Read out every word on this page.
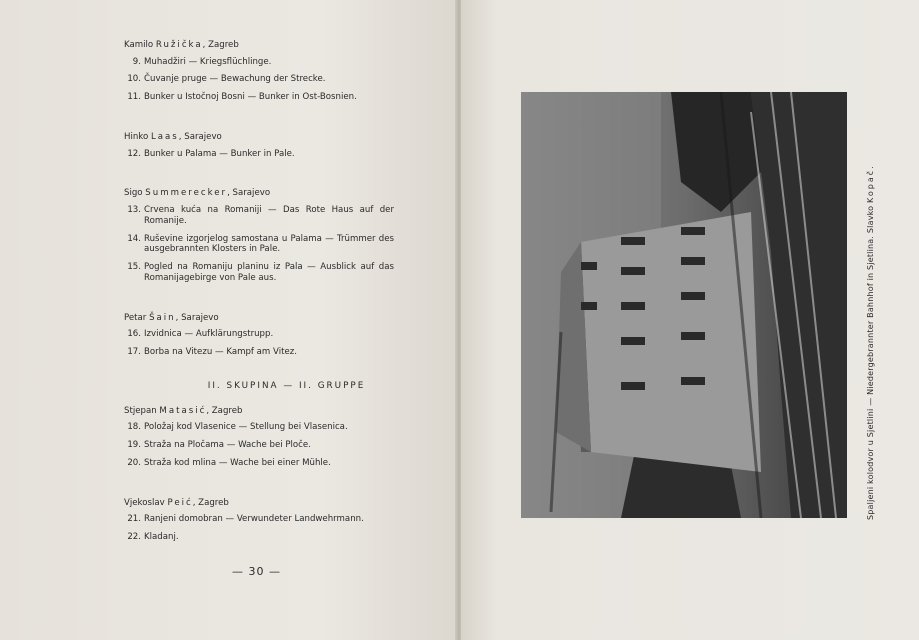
Kamilo Ružička, Zagreb

9. Muhadžiri — Kriegsflüchlinge.
10. Čuvanje pruge — Bewachung der Strecke.
11. Bunker u Istočnoj Bosni — Bunker in Ost-Bosnien.

Hinko Laas, Sarajevo

12. Bunker u Palama — Bunker in Pale.

Sigo Summerecker, Sarajevo

13. Crvena kuća na Romaniji — Das Rote Haus auf der Romanije.
14. Ruševine izgorjelog samostana u Palama — Trümmer des ausgebrannten Klosters in Pale.
15. Pogled na Romaniju planinu iz Pala — Ausblick auf das Romanijagebirge von Pale aus.

Petar Šain, Sarajevo

16. Izvidnica — Aufklärungstrupp.
17. Borba na Vitezu — Kampf am Vitez.

II. SKUPINA — II. GRUPPE

Stjepan Matasić, Zagreb

18. Položaj kod Vlasenice — Stellung bei Vlasenica.
19. Straža na Pločama — Wache bei Ploče.
20. Straža kod mlina — Wache bei einer Mühle.

Vjekoslav Peić, Zagreb

21. Ranjeni domobran — Verwundeter Landwehrmann.
22. Kladanj.
— 30 —
Spaljeni kolodvor u Sjetlini — Niedergebrannter Bahnhof in Sjetlina. Slavko Kopač.
